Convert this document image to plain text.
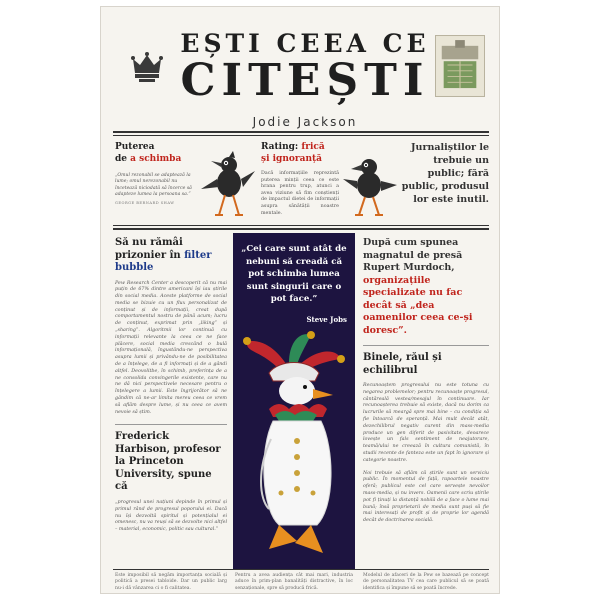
EȘTI CEEA CE
CITEȘTI
Jodie Jackson
Puterea
de a schimba
„Omul rezonabil se adaptează la lume; omul nerezonabil nu încetează niciodată să încerce să adapteze lumea la persoana sa.”
GEORGE BERNARD SHAW
Rating: frică
și ignoranță
Dacă informațiile reprezintă puterea minții ceea ce este hrana pentru trup, atunci a avea viziune să fim conștienți de impactul dietei de informații asupra sănătății noastre mentale.
Jurnaliștilor le trebuie un public; fără public, produsul lor este inutil.
Să nu rămâi prizonier în filter bubble
Pew Research Center a descoperit că nu mai puțin de 67% dintre americani își iau știrile din social media. Aceste platforme de social media se bizuie cu un flux personalizat de conținut și de informații, creat după comportamentul nostru de până acum; lucru de conținut, exprimat prin „liking” și „sharing”. Algoritmii lor continuă cu informații relevante la ceea ce ne face plăcere, social media crescând o bulă informațională, îngustându-ne perspectiva asupra lumii și privându-ne de posibilitatea de a înțelege, de a fi informați și de a gândi altfel. Deovolitbe, în schimb, preferința de a ne consolida convingerile existente, care nu ne dă nici perspectivele necesare pentru o înțelegere a lumii. Este îngrijorător să ne gândim că ne-ar limita mereu ceea ce vrem să aflăm despre lume, și nu ceea ce avem nevoie să știm.
Frederick Harbison, profesor la Princeton University, spune că
„progresul unei națiuni depinde în primul și primul rând de progresul poporului ei. Dacă nu își dezvoltă spiritul și potențialul ei omenesc, nu va reuși să se dezvolte nici altfel – material, economic, politic sau cultural.”
„Cei care sunt atât de nebuni să creadă că pot schimba lumea sunt singurii care o pot face.”
Steve Jobs
După cum spunea magnatul de presă Rupert Murdoch, organizațiile specializate nu fac decât să „dea oamenilor ceea ce-și doresc”.
Binele, răul și echilibrul
Recunoaștem progresului nu este totuna cu negarea problemelor; pentru recunoaște progresul, cântăreală vestea/mesajul în continuare. Iar recunoașterea trebuie să existe, dacă nu dorim ca lucrurile să meargă spre mai bine – cu condiția să fie întoarcă de speranță. Mai mult decât atât, dezechilibrul negativ curent din mass-media produce un gen diferit de pasivitate, deoarece lovește un fals sentiment de neajutorare, teamă/ului ne creează în cultura comunistă, în studii recente de fanteza este un fapt în ignorare și categorie noastre.
Noi trebuie să aflăm că știrile sunt un serviciu public. În momentul de față, rapoartele noastre oferă; publicul este cel care servește nevoilor mass-media, și nu invers. Oamenii care scriu știrile pot fi ținuți la distanță nobilă de a face o lume mai bună; însă proprietarii de media sunt puși să fie mai interesați de profit și de proprie lor agendă decât de doctrinarea socială.
Este imposibil să negăm importanța socială și politică a presei tabloide. Dar un public larg nu-i dă vânzarea ci o fi calitatea.
Pentru a avea audiența cât mai mari, industria aduce în prim-plan banalități distractive, în loc senzaționale, spre să producă frică.
Modelul de afaceri de la Pew se bazează pe concept de personalitatea TV cea care publicul să se poată identifica și împune să se poată încrede.
